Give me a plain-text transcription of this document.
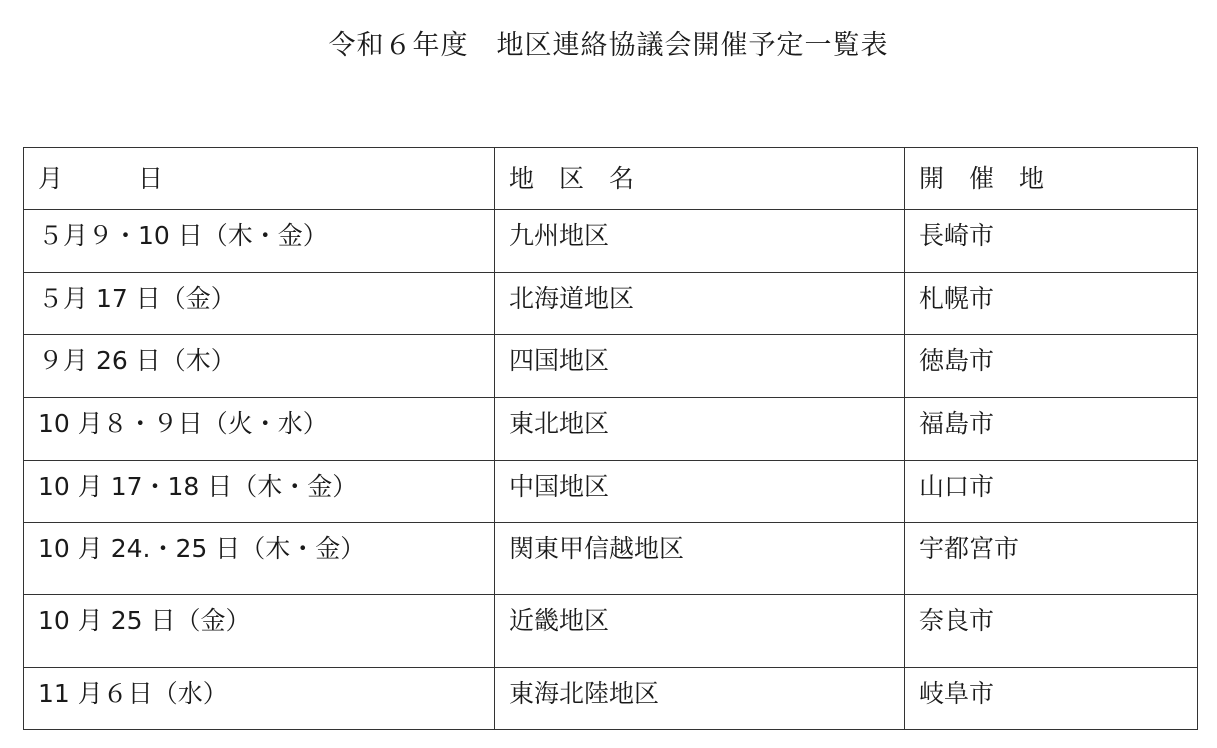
令和６年度　地区連絡協議会開催予定一覧表
月　　　日	地　区　名	開　催　地
５月９・10 日（木・金）	九州地区	長崎市
５月 17 日（金）	北海道地区	札幌市
９月 26 日（木）	四国地区	徳島市
10 月８・９日（火・水）	東北地区	福島市
10 月 17・18 日（木・金）	中国地区	山口市
10 月 24.・25 日（木・金）	関東甲信越地区	宇都宮市
10 月 25 日（金）	近畿地区	奈良市
11 月６日（水）	東海北陸地区	岐阜市
